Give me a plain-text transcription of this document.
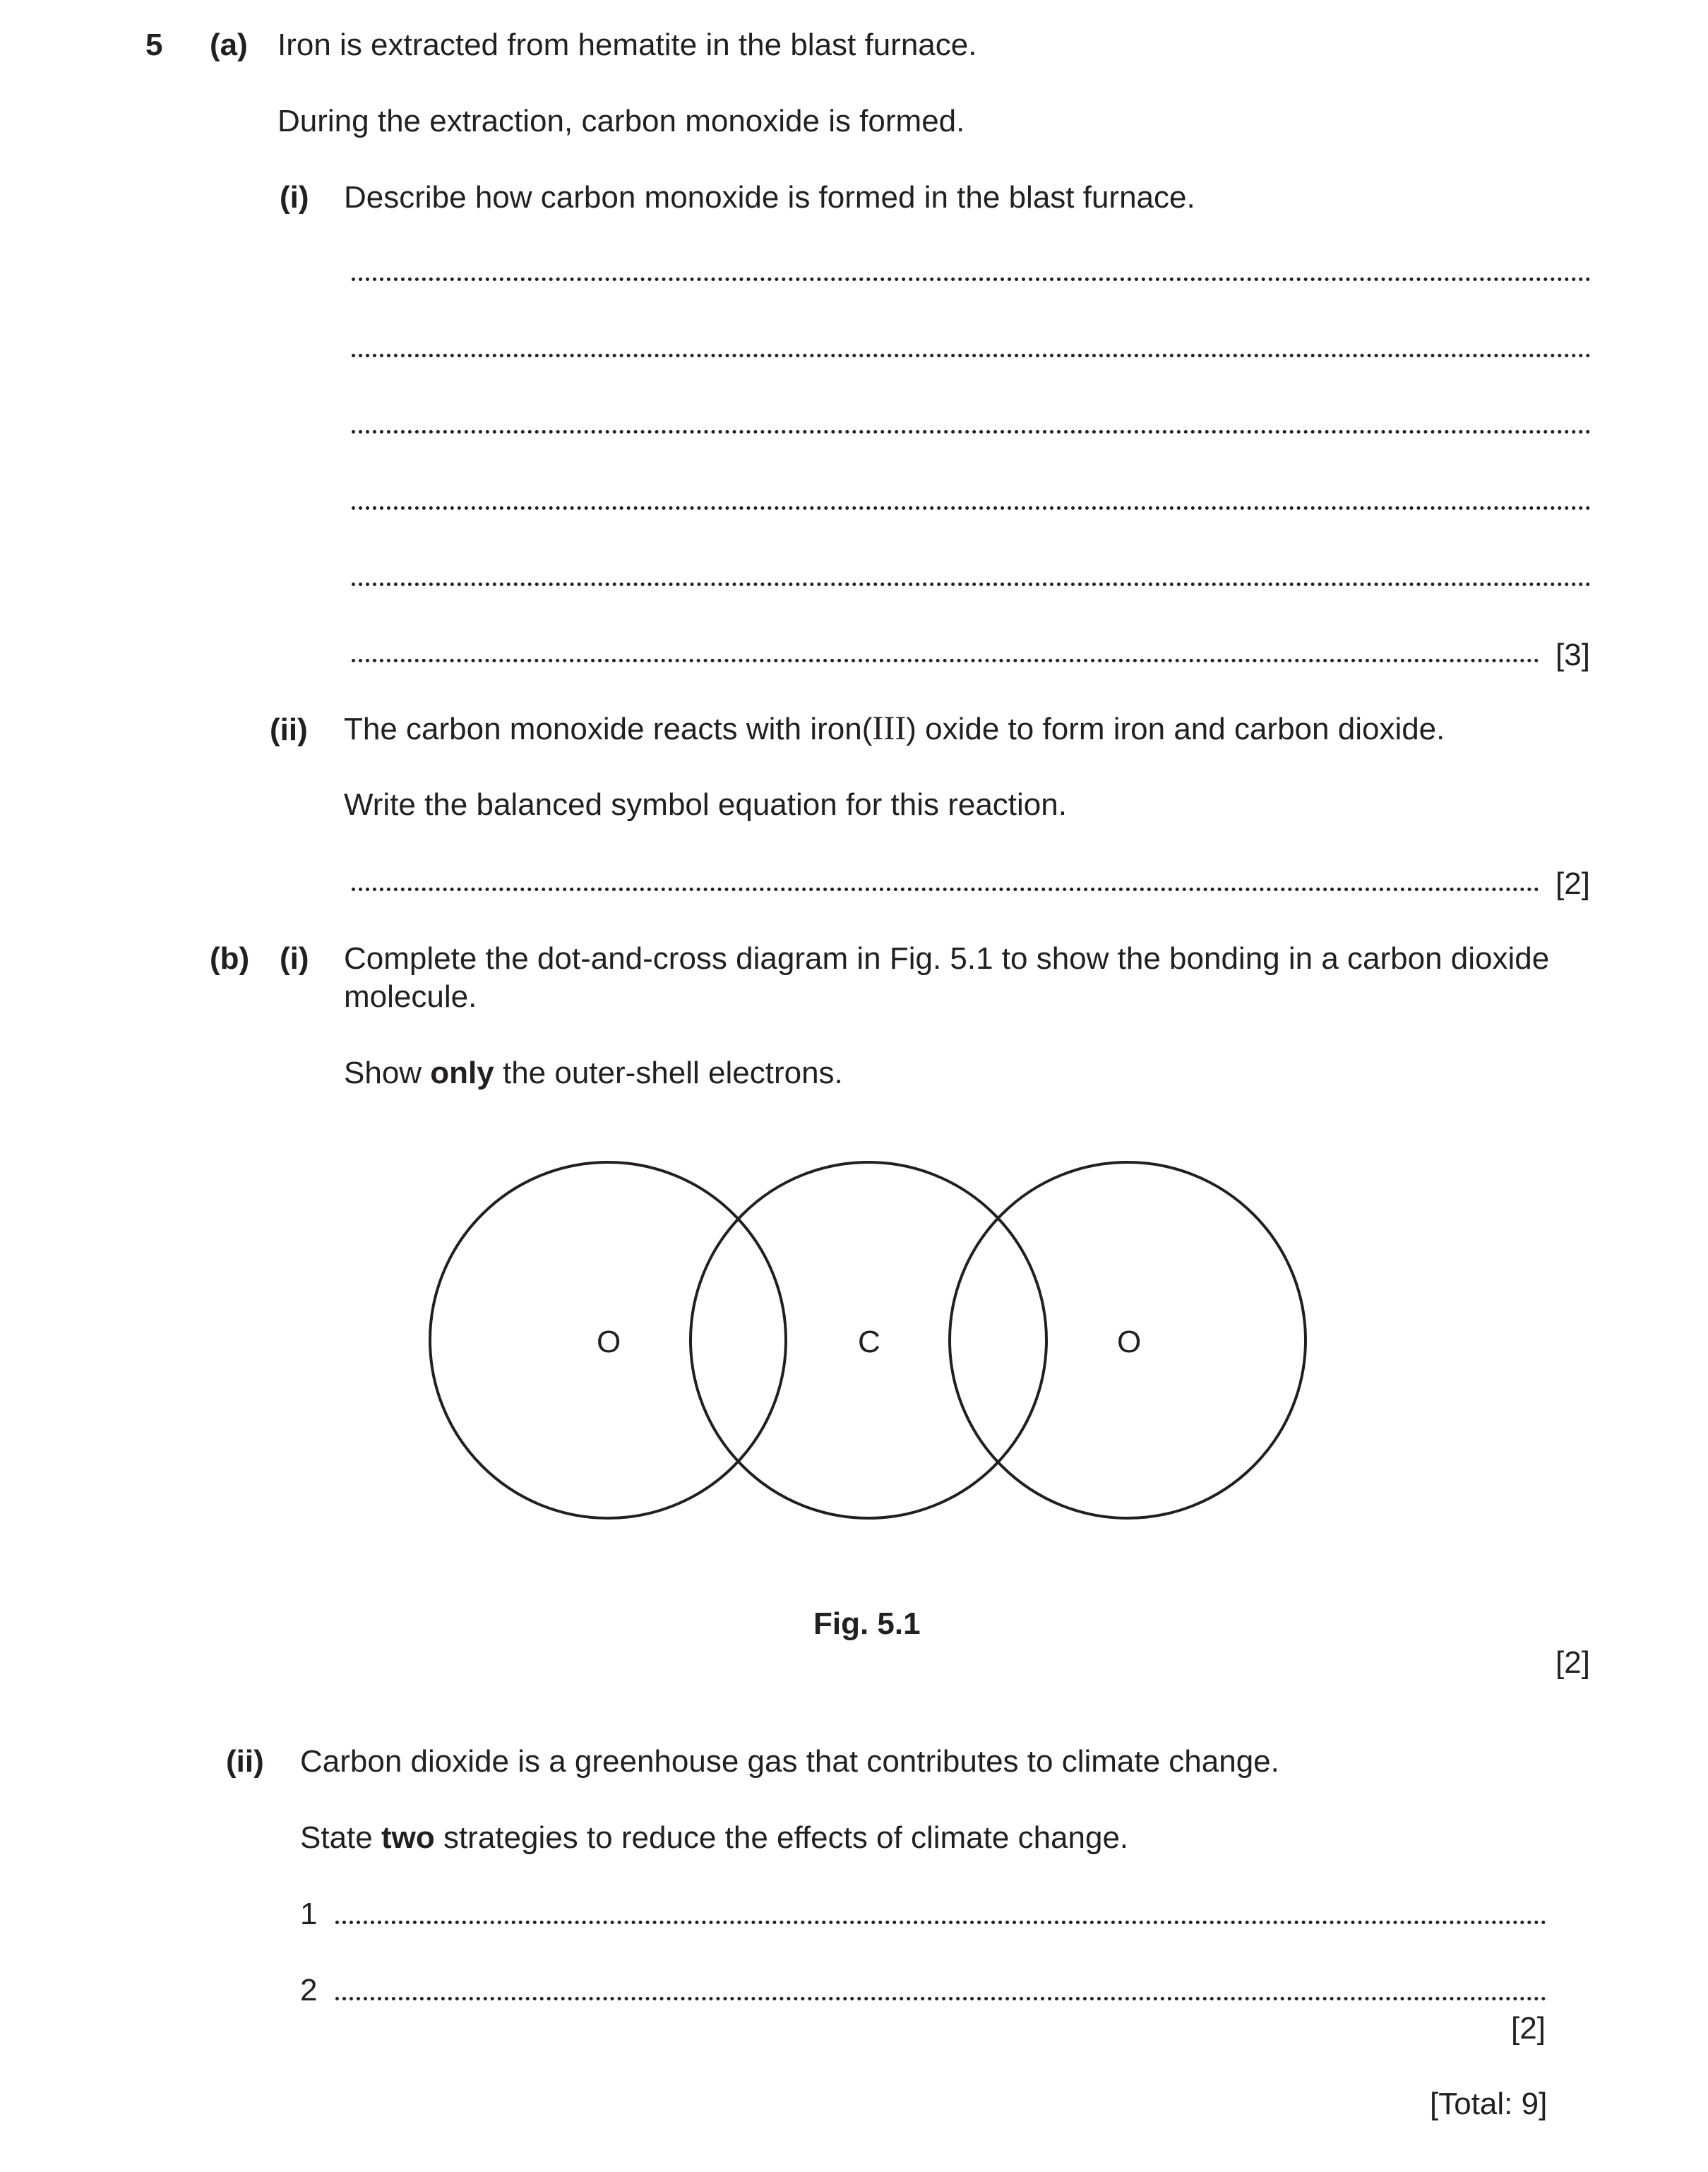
5 (a) Iron is extracted from hematite in the blast furnace.
During the extraction, carbon monoxide is formed.
(i) Describe how carbon monoxide is formed in the blast furnace.
[3]
(ii) The carbon monoxide reacts with iron(III) oxide to form iron and carbon dioxide.
Write the balanced symbol equation for this reaction.
[2]
(b) (i) Complete the dot-and-cross diagram in Fig. 5.1 to show the bonding in a carbon dioxide
molecule.
Show only the outer-shell electrons.
O	C	O
Fig. 5.1
[2]
(ii) Carbon dioxide is a greenhouse gas that contributes to climate change.
State two strategies to reduce the effects of climate change.
1
2
[2]
[Total: 9]
